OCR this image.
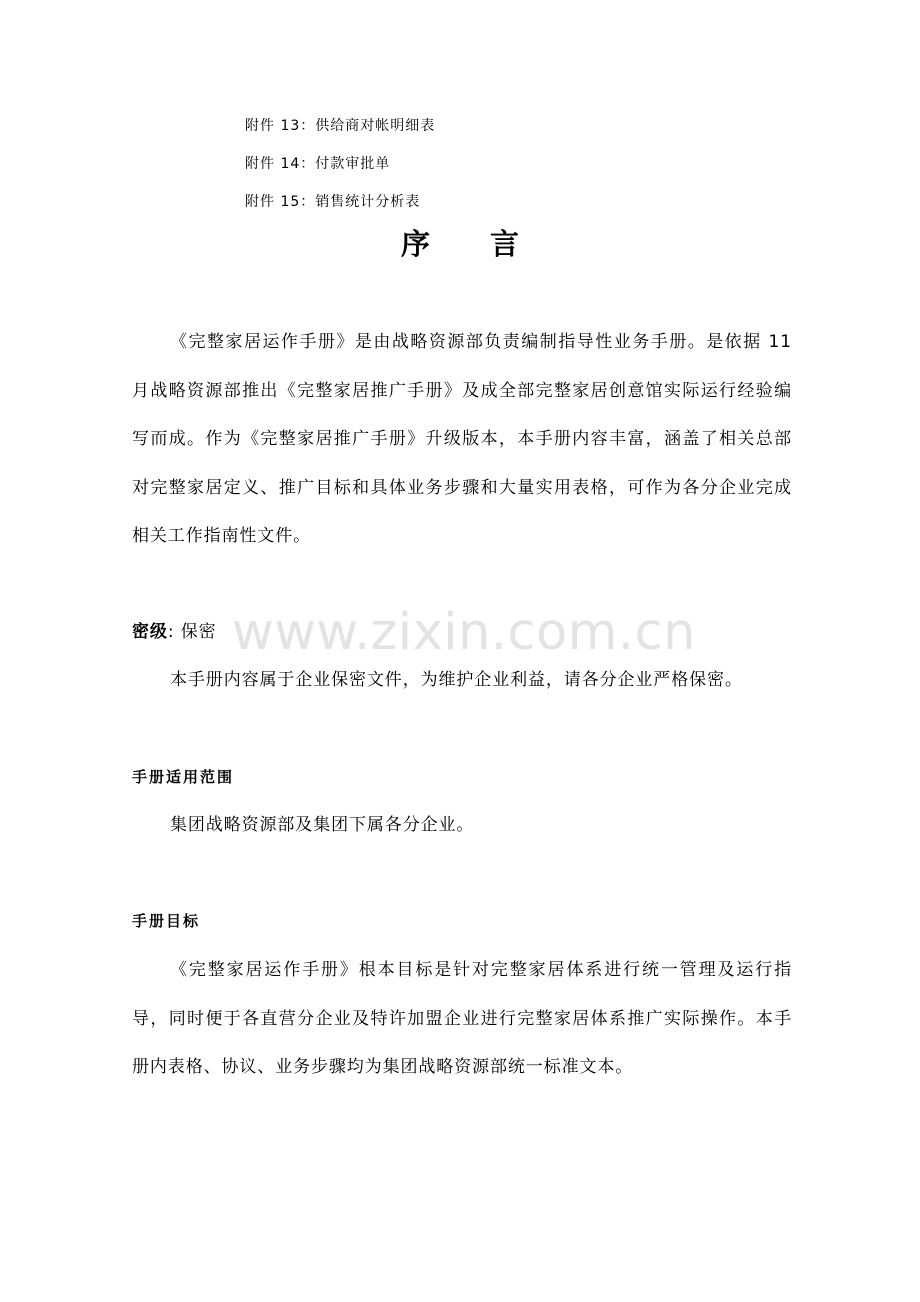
www.zixin.com.cn
附件 13：供给商对帐明细表
附件 14：付款审批单
附件 15：销售统计分析表
序言
《完整家居运作手册》是由战略资源部负责编制指导性业务手册。是依据 11 月战略资源部推出《完整家居推广手册》及成全部完整家居创意馆实际运行经验编写而成。作为《完整家居推广手册》升级版本，本手册内容丰富，涵盖了相关总部对完整家居定义、推广目标和具体业务步骤和大量实用表格，可作为各分企业完成相关工作指南性文件。
密级: 保密
本手册内容属于企业保密文件，为维护企业利益，请各分企业严格保密。
手册适用范围
集团战略资源部及集团下属各分企业。
手册目标
《完整家居运作手册》根本目标是针对完整家居体系进行统一管理及运行指导，同时便于各直营分企业及特许加盟企业进行完整家居体系推广实际操作。本手册内表格、协议、业务步骤均为集团战略资源部统一标准文本。
